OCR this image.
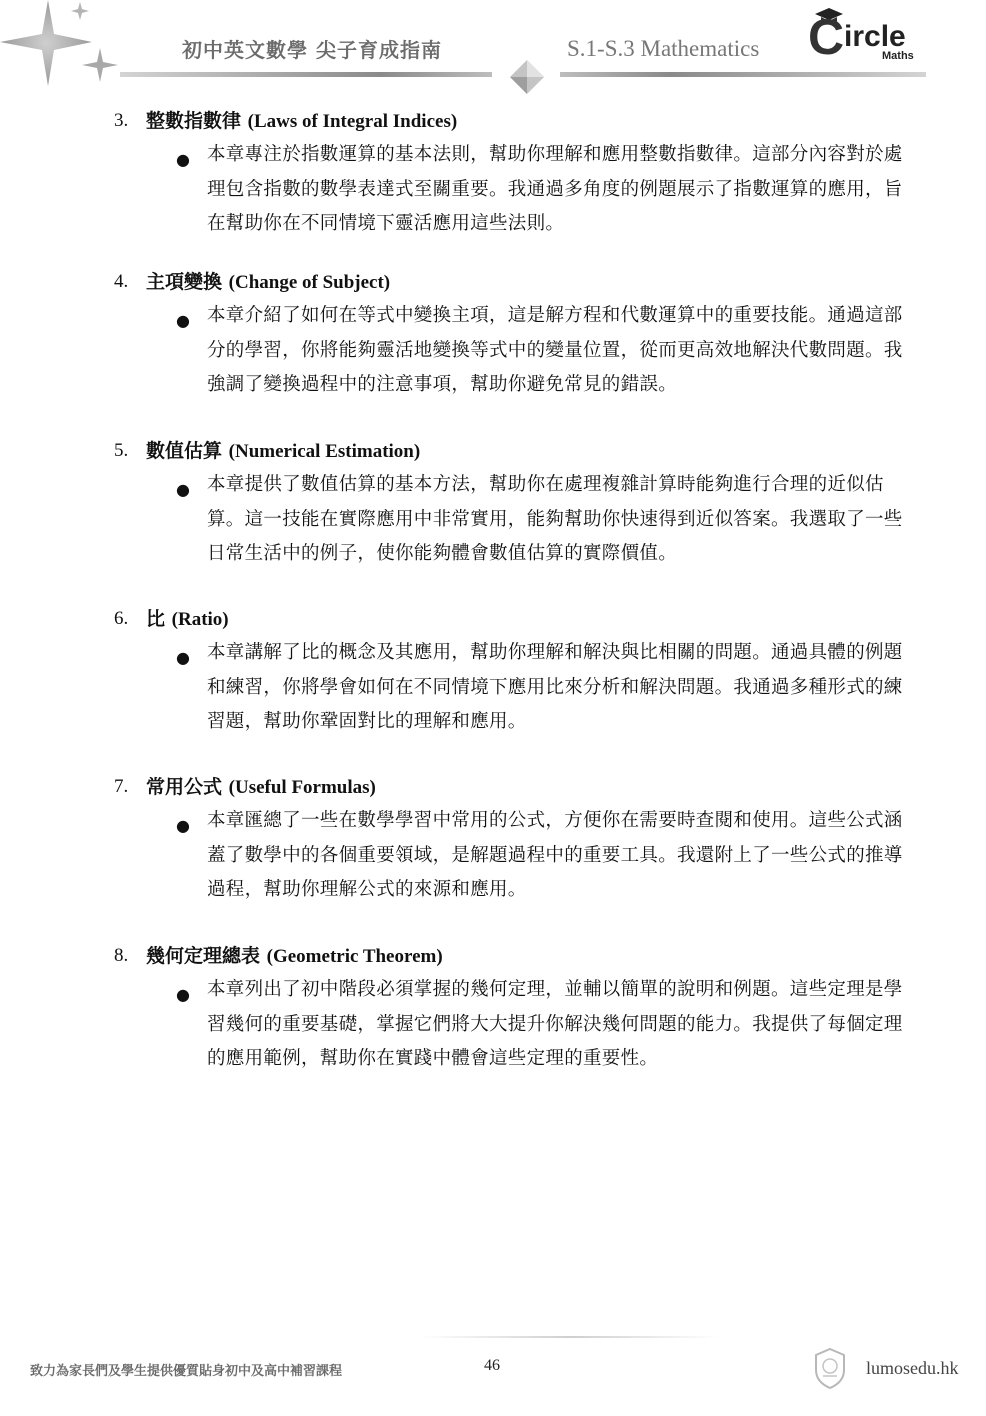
初中英文數學 尖子育成指南	S.1-S.3 Mathematics C ircle
Maths
3. 整數指數律 (Laws of Integral Indices)
● 本章專注於指數運算的基本法則，幫助你理解和應用整數指數律。這部分內容對於處理包含指數的數學表達式至關重要。我通過多角度的例題展示了指數運算的應用，旨在幫助你在不同情境下靈活應用這些法則。
4. 主項變換 (Change of Subject)
● 本章介紹了如何在等式中變換主項，這是解方程和代數運算中的重要技能。通過這部分的學習，你將能夠靈活地變換等式中的變量位置，從而更高效地解決代數問題。我強調了變換過程中的注意事項，幫助你避免常見的錯誤。
5. 數值估算 (Numerical Estimation)
● 本章提供了數值估算的基本方法，幫助你在處理複雜計算時能夠進行合理的近似估算。這一技能在實際應用中非常實用，能夠幫助你快速得到近似答案。我選取了一些日常生活中的例子，使你能夠體會數值估算的實際價值。
6. 比 (Ratio)
● 本章講解了比的概念及其應用，幫助你理解和解決與比相關的問題。通過具體的例題和練習，你將學會如何在不同情境下應用比來分析和解決問題。我通過多種形式的練習題，幫助你鞏固對比的理解和應用。
7. 常用公式 (Useful Formulas)
● 本章匯總了一些在數學學習中常用的公式，方便你在需要時查閱和使用。這些公式涵蓋了數學中的各個重要領域，是解題過程中的重要工具。我還附上了一些公式的推導過程，幫助你理解公式的來源和應用。
8. 幾何定理總表 (Geometric Theorem)
● 本章列出了初中階段必須掌握的幾何定理，並輔以簡單的說明和例題。這些定理是學習幾何的重要基礎，掌握它們將大大提升你解決幾何問題的能力。我提供了每個定理的應用範例，幫助你在實踐中體會這些定理的重要性。
致力為家長們及學生提供優質貼身初中及高中補習課程	46	lumosedu.hk
